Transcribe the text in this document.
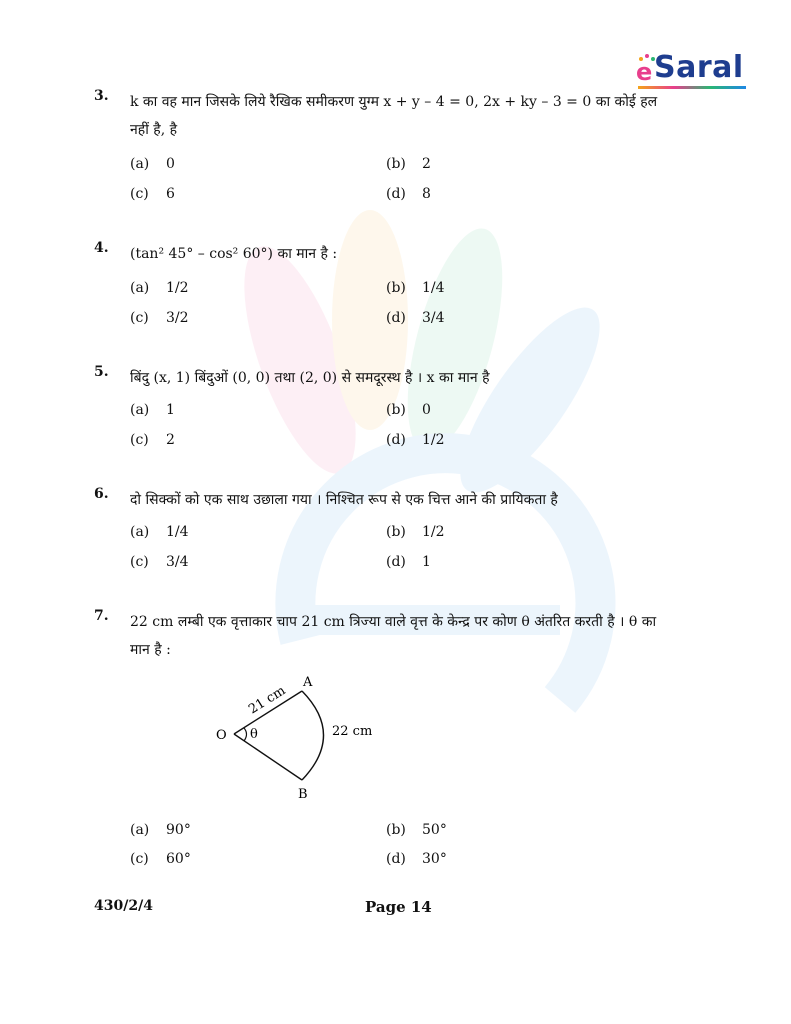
e Saral
3. k का वह मान जिसके लिये रैखिक समीकरण युग्म x + y – 4 = 0, 2x + ky – 3 = 0 का कोई हल
नहीं है, है
(a) 0	(b) 2
(c) 6	(d) 8
4. (tan² 45° – cos² 60°) का मान है :
(a) 1/2	(b) 1/4
(c) 3/2	(d) 3/4
5. बिंदु (x, 1) बिंदुओं (0, 0) तथा (2, 0) से समदूरस्थ है । x का मान है
(a) 1	(b) 0
(c) 2	(d) 1/2
6. दो सिक्कों को एक साथ उछाला गया । निश्चित रूप से एक चित्त आने की प्रायिकता है
(a) 1/4	(b) 1/2
(c) 3/4	(d) 1
7. 22 cm लम्बी एक वृत्ताकार चाप 21 cm त्रिज्या वाले वृत्त के केन्द्र पर कोण θ अंतरित करती है । θ का
मान है :
O θ
A
B
22 cm
21 cm
(a) 90°	(b) 50°
(c) 60°	(d) 30°
430/2/4	Page 14
